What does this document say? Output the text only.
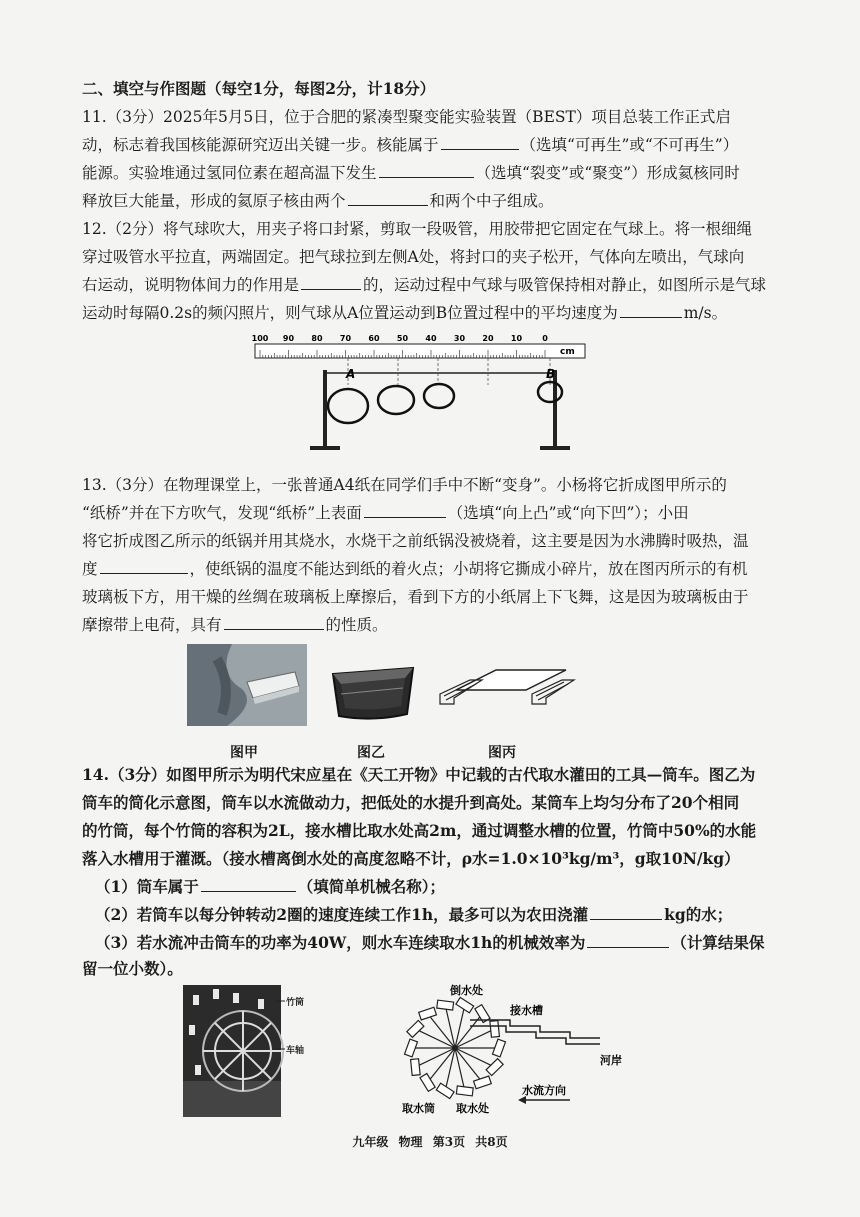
二、填空与作图题（每空1分，每图2分，计18分）
11.（3分）2025年5月5日，位于合肥的紧凑型聚变能实验装置（BEST）项目总装工作正式启
动，标志着我国核能源研究迈出关键一步。核能属于	（选填“可再生”或“不可再生”）
能源。实验堆通过氢同位素在超高温下发生	（选填“裂变”或“聚变”）形成氦核同时
释放巨大能量，形成的氦原子核由两个	和两个中子组成。
12.（2分）将气球吹大，用夹子将口封紧，剪取一段吸管，用胶带把它固定在气球上。将一根细绳
穿过吸管水平拉直，两端固定。把气球拉到左侧A处，将封口的夹子松开，气体向左喷出，气球向
右运动，说明物体间力的作用是	的，运动过程中气球与吸管保持相对静止，如图所示是气球
运动时每隔0.2s的频闪照片，则气球从A位置运动到B位置过程中的平均速度为	m/s。
100 90 80 70 60 50 40 30 20 10	0
cm
A	B
13.（3分）在物理课堂上，一张普通A4纸在同学们手中不断“变身”。小杨将它折成图甲所示的
“纸桥”并在下方吹气，发现“纸桥”上表面	（选填“向上凸”或“向下凹”）；小田
将它折成图乙所示的纸锅并用其烧水，水烧干之前纸锅没被烧着，这主要是因为水沸腾时吸热，温
度	，使纸锅的温度不能达到纸的着火点；小胡将它撕成小碎片，放在图丙所示的有机
玻璃板下方，用干燥的丝绸在玻璃板上摩擦后，看到下方的小纸屑上下飞舞，这是因为玻璃板由于
摩擦带上电荷，具有	的性质。
图甲	图乙	图丙
14.（3分）如图甲所示为明代宋应星在《天工开物》中记载的古代取水灌田的工具—筒车。图乙为
筒车的简化示意图，筒车以水流做动力，把低处的水提升到高处。某筒车上均匀分布了20个相同
的竹筒，每个竹筒的容积为2L，接水槽比取水处高2m，通过调整水槽的位置，竹筒中50%的水能
落入水槽用于灌溉。（接水槽离倒水处的高度忽略不计，ρ水=1.0×10³kg/m³，g取10N/kg）
（1）筒车属于	（填简单机械名称）；
（2）若筒车以每分钟转动2圈的速度连续工作1h，最多可以为农田浇灌	kg的水；
（3）若水流冲击筒车的功率为40W，则水车连续取水1h的机械效率为	（计算结果保
留一位小数）。
竹筒
车轴
倒水处
接水槽
河岸
取水筒 取水处
水流方向
九年级 物理 第3页 共8页
